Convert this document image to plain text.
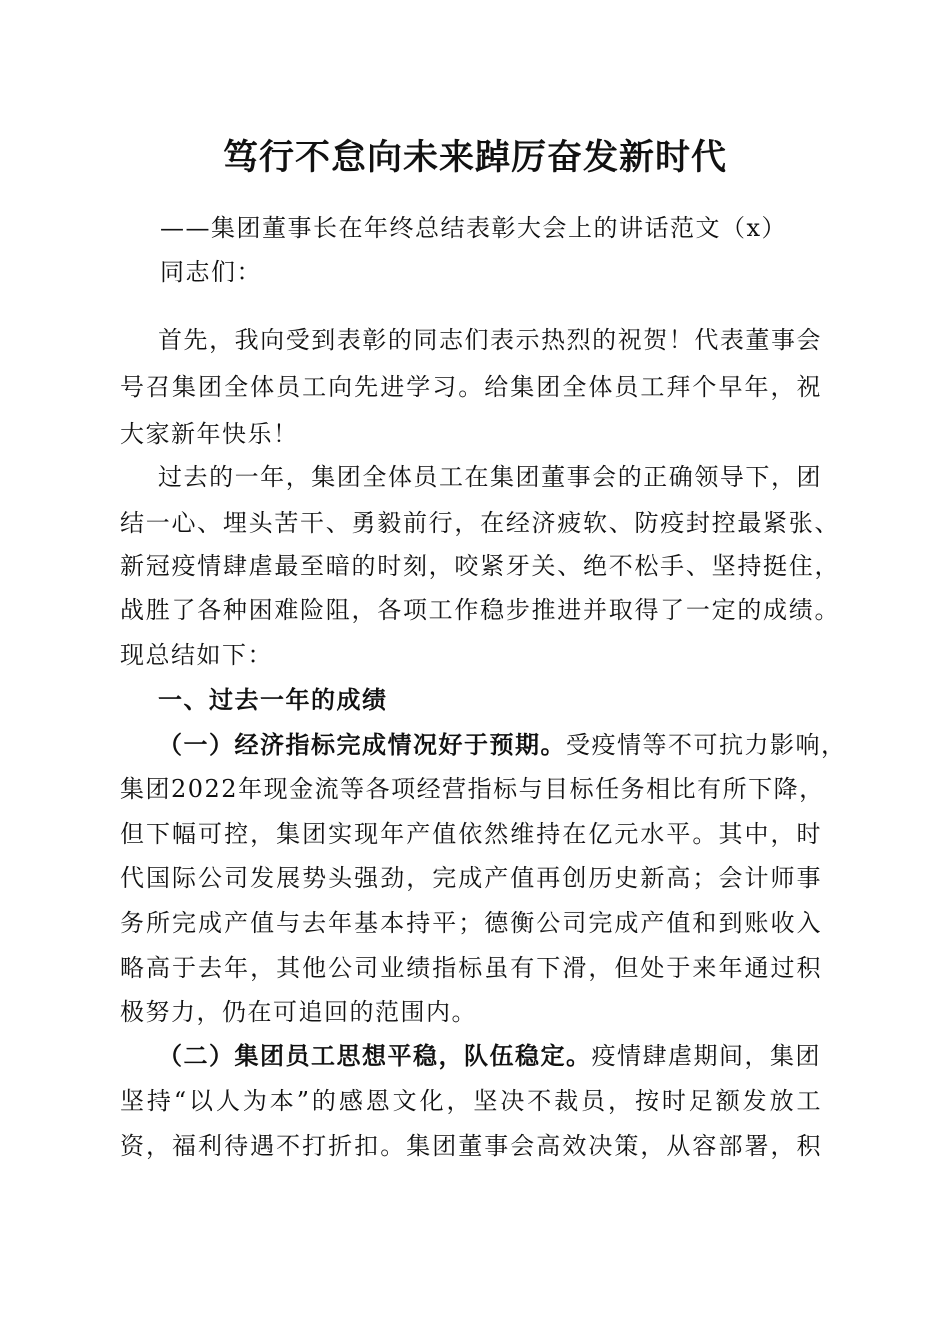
笃行不怠向未来踔厉奋发新时代
——集团董事长在年终总结表彰大会上的讲话范文（x）
同志们：
首先，我向受到表彰的同志们表示热烈的祝贺！代表董事会
号召集团全体员工向先进学习。给集团全体员工拜个早年，祝
大家新年快乐！
过去的一年，集团全体员工在集团董事会的正确领导下，团
结一心、埋头苦干、勇毅前行，在经济疲软、防疫封控最紧张、
新冠疫情肆虐最至暗的时刻，咬紧牙关、绝不松手、坚持挺住，
战胜了各种困难险阻，各项工作稳步推进并取得了一定的成绩。
现总结如下：
一、过去一年的成绩
（一）经济指标完成情况好于预期。受疫情等不可抗力影响，
集团2022年现金流等各项经营指标与目标任务相比有所下降，
但下幅可控，集团实现年产值依然维持在亿元水平。其中，时
代国际公司发展势头强劲，完成产值再创历史新高；会计师事
务所完成产值与去年基本持平；德衡公司完成产值和到账收入
略高于去年，其他公司业绩指标虽有下滑，但处于来年通过积
极努力，仍在可追回的范围内。
（二）集团员工思想平稳，队伍稳定。疫情肆虐期间，集团
坚持“以人为本”的感恩文化，坚决不裁员，按时足额发放工
资，福利待遇不打折扣。集团董事会高效决策，从容部署，积
